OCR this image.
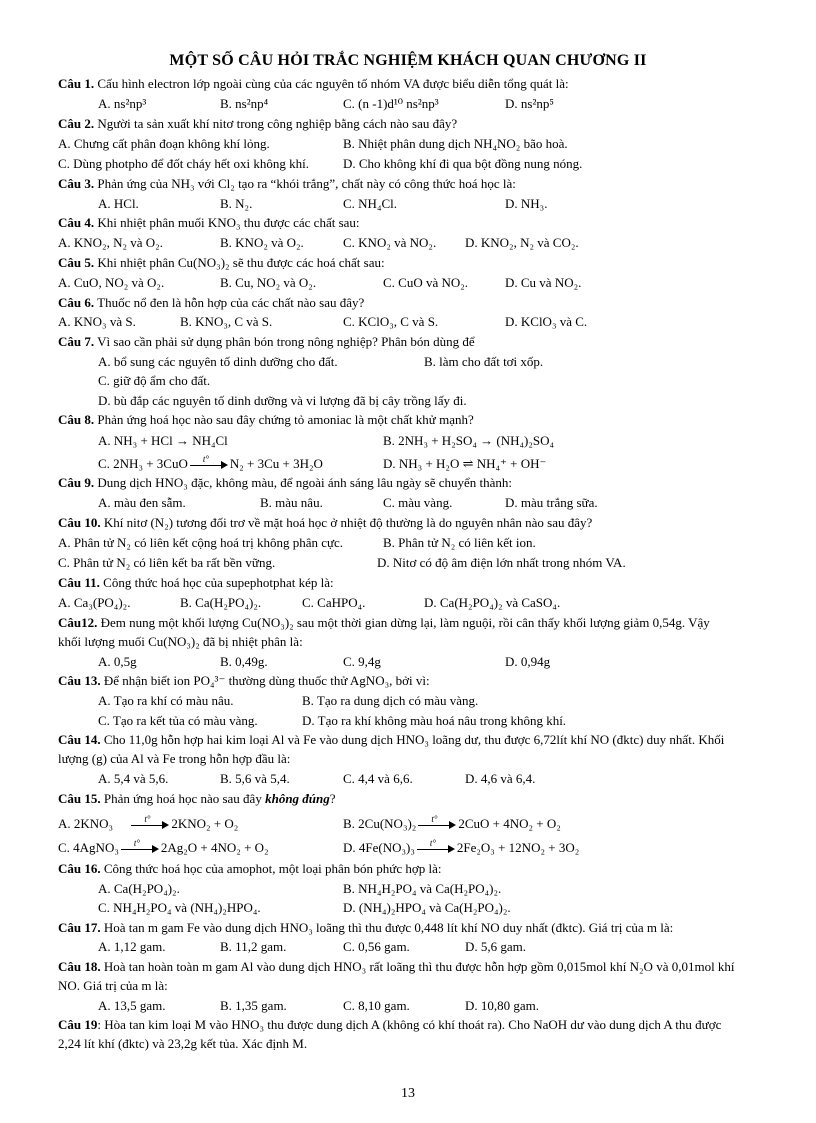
MỘT SỐ CÂU HỎI TRẮC NGHIỆM KHÁCH QUAN CHƯƠNG II
Câu 1. Cấu hình electron lớp ngoài cùng của các nguyên tố nhóm VA được biểu diễn tổng quát là:
A. ns²np³	B. ns²np⁴	C. (n -1)d¹⁰ ns²np³	D. ns²np⁵
Câu 2. Người ta sản xuất khí nitơ trong công nghiệp bằng cách nào sau đây?
A. Chưng cất phân đoạn không khí lỏng.	B. Nhiệt phân dung dịch NH₄NO₂ bão hoà.
C. Dùng photpho để đốt cháy hết oxi không khí.	D. Cho không khí đi qua bột đồng nung nóng.
Câu 3. Phản ứng của NH₃ với Cl₂ tạo ra “khói trắng”, chất này có công thức hoá học là:
A. HCl.	B. N₂.	C. NH₄Cl.	D. NH₃.
Câu 4. Khi nhiệt phân muối KNO₃ thu được các chất sau:
A. KNO₂, N₂ và O₂.	B. KNO₂ và O₂.	C. KNO₂ và NO₂. D. KNO₂, N₂ và CO₂.
Câu 5. Khi nhiệt phân Cu(NO₃)₂ sẽ thu được các hoá chất sau:
A. CuO, NO₂ và O₂.	B. Cu, NO₂ và O₂.	C. CuO và NO₂.	D. Cu và NO₂.
Câu 6. Thuốc nổ đen là hỗn hợp của các chất nào sau đây?
A. KNO₃ và S.	B. KNO₃, C và S.	C. KClO₃, C và S.	D. KClO₃ và C.
Câu 7. Vì sao cần phải sử dụng phân bón trong nông nghiệp? Phân bón dùng để
A. bổ sung các nguyên tố dinh dưỡng cho đất.	B. làm cho đất tơi xốp.
C. giữ độ ẩm cho đất.
D. bù đắp các nguyên tố dinh dưỡng và vi lượng đã bị cây trồng lấy đi.
Câu 8. Phản ứng hoá học nào sau đây chứng tỏ amoniac là một chất khử mạnh?
A. NH₃ + HCl → NH₄Cl	B. 2NH₃ + H₂SO₄ → (NH₄)₂SO₄
C. 2NH₃ + 3CuO t° N₂ + 3Cu + 3H₂O	D. NH₃ + H₂O ⇌ NH₄⁺ + OH⁻
Câu 9. Dung dịch HNO₃ đặc, không màu, để ngoài ánh sáng lâu ngày sẽ chuyển thành:
A. màu đen sẫm.	B. màu nâu.	C. màu vàng.	D. màu trắng sữa.
Câu 10. Khí nitơ (N₂) tương đối trơ về mặt hoá học ở nhiệt độ thường là do nguyên nhân nào sau đây?
A. Phân tử N₂ có liên kết cộng hoá trị không phân cực.	B. Phân tử N₂ có liên kết ion.
C. Phân tử N₂ có liên kết ba rất bền vững.	D. Nitơ có độ âm điện lớn nhất trong nhóm VA.
Câu 11. Công thức hoá học của supephotphat kép là:
A. Ca₃(PO₄)₂.	B. Ca(H₂PO₄)₂.	C. CaHPO₄.	D. Ca(H₂PO₄)₂ và CaSO₄.
Câu12. Đem nung một khối lượng Cu(NO₃)₂ sau một thời gian dừng lại, làm nguội, rồi cân thấy khối lượng giảm 0,54g. Vậy
khối lượng muối Cu(NO₃)₂ đã bị nhiệt phân là:
A. 0,5g	B. 0,49g.	C. 9,4g	D. 0,94g
Câu 13. Để nhận biết ion PO₄³⁻ thường dùng thuốc thử AgNO₃, bởi vì:
A. Tạo ra khí có màu nâu.	B. Tạo ra dung dịch có màu vàng.
C. Tạo ra kết tủa có màu vàng.	D. Tạo ra khí không màu hoá nâu trong không khí.
Câu 14. Cho 11,0g hỗn hợp hai kim loại Al và Fe vào dung dịch HNO₃ loãng dư, thu được 6,72lít khí NO (đktc) duy nhất. Khối
lượng (g) của Al và Fe trong hỗn hợp đầu là:
A. 5,4 và 5,6.	B. 5,6 và 5,4.	C. 4,4 và 6,6.	D. 4,6 và 6,4.
Câu 15. Phản ứng hoá học nào sau đây không đúng?
A. 2KNO₃	t° 2KNO₂ + O₂	B. 2Cu(NO₃)₂ t° 2CuO + 4NO₂ + O₂
C. 4AgNO₃ t° 2Ag₂O + 4NO₂ + O₂	D. 4Fe(NO₃)₃ t° 2Fe₂O₃ + 12NO₂ + 3O₂
Câu 16. Công thức hoá học của amophot, một loại phân bón phức hợp là:
A. Ca(H₂PO₄)₂.	B. NH₄H₂PO₄ và Ca(H₂PO₄)₂.
C. NH₄H₂PO₄ và (NH₄)₂HPO₄.	D. (NH₄)₂HPO₄ và Ca(H₂PO₄)₂.
Câu 17. Hoà tan m gam Fe vào dung dịch HNO₃ loãng thì thu được 0,448 lít khí NO duy nhất (đktc). Giá trị của m là:
A. 1,12 gam.	B. 11,2 gam.	C. 0,56 gam.	D. 5,6 gam.
Câu 18. Hoà tan hoàn toàn m gam Al vào dung dịch HNO₃ rất loãng thì thu được hỗn hợp gồm 0,015mol khí N₂O và 0,01mol khí
NO. Giá trị của m là:
A. 13,5 gam.	B. 1,35 gam.	C. 8,10 gam.	D. 10,80 gam.
Câu 19: Hòa tan kim loại M vào HNO₃ thu được dung dịch A (không có khí thoát ra). Cho NaOH dư vào dung dịch A thu được
2,24 lít khí (đktc) và 23,2g kết tủa. Xác định M.
13
